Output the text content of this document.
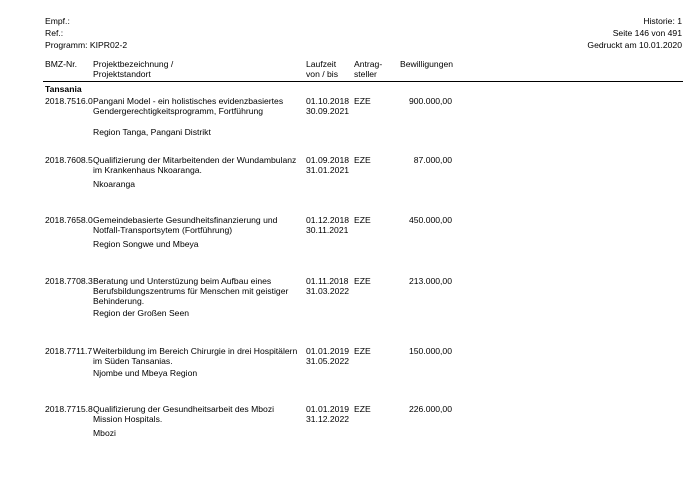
Empf.:
Ref.:
Programm: KIPR02-2
Historie: 1
Seite 146 von 491
Gedruckt am 10.01.2020
BMZ-Nr. Projektbezeichnung /
Projektstandort
Laufzeit
von / bis
Antrag-
steller
Bewilligungen
Tansania
2018.7516.0 Pangani Model - ein holistisches evidenzbasiertes Gendergerechtigkeitsprogramm, Fortführung
Region Tanga, Pangani Distrikt
01.10.2018
30.09.2021
EZE	900.000,00
2018.7608.5 Qualifizierung der Mitarbeitenden der Wundambulanz im Krankenhaus Nkoaranga.
Nkoaranga
01.09.2018
31.01.2021
EZE	87.000,00
2018.7658.0 Gemeindebasierte Gesundheitsfinanzierung und Notfall-Transportsytem (Fortführung)
Region Songwe und Mbeya
01.12.2018
30.11.2021
EZE	450.000,00
2018.7708.3 Beratung und Unterstüzung beim Aufbau eines Berufsbildungszentrums für Menschen mit geistiger Behinderung.
Region der Großen Seen
01.11.2018
31.03.2022
EZE	213.000,00
2018.7711.7 Weiterbildung im Bereich Chirurgie in drei Hospitälern im Süden Tansanias.
Njombe und Mbeya Region
01.01.2019
31.05.2022
EZE	150.000,00
2018.7715.8 Qualifizierung der Gesundheitsarbeit des Mbozi Mission Hospitals.
Mbozi
01.01.2019
31.12.2022
EZE	226.000,00
